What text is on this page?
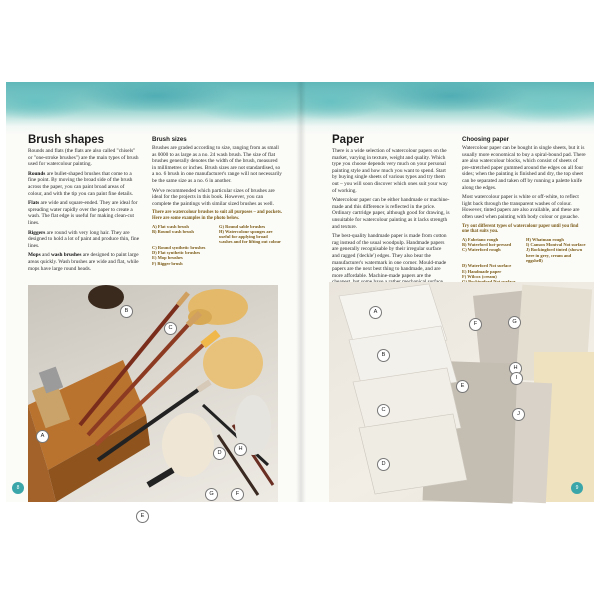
Brush shapes

Rounds and flats (the flats are also called "chisels" or "one-stroke brushes") are the main types of brush used for watercolour painting.

Rounds are bullet-shaped brushes that come to a fine point. By moving the broad side of the brush across the paper, you can paint broad areas of colour, and with the tip you can paint fine details.

Flats are wide and square-ended. They are ideal for spreading water rapidly over the paper to create a wash. The flat edge is useful for making clean-cut lines.

Riggers are round with very long hair. They are designed to hold a lot of paint and produce thin, fine lines.

Mops and wash brushes are designed to paint large areas quickly. Wash brushes are wide and flat, while mops have large round heads.

Brush sizes

Brushes are graded according to size, ranging from as small as 0000 to as large as a no. 24 wash brush. The size of flat brushes generally denotes the width of the brush, measured in millimetres or inches. Brush sizes are not standardised, so a no. 6 brush in one manufacturer's range will not necessarily be the same size as a no. 6 in another.

We've recommended which particular sizes of brushes are ideal for the projects in this book. However, you can complete the paintings with similar sized brushes as well.

There are watercolour brushes to suit all purposes – and pockets. Here are some examples in the photo below.
A) Flat wash brush	G) Round sable brushes
B) Round wash brush	H) Watercolour sponges are useful for applying broad washes and for lifting out colour
C) Round synthetic brushes
D) Flat synthetic brushes
E) Mop brushes
F) Rigger brush
B
C
A
D
E
G
H
F
8
Paper

There is a wide selection of watercolour papers on the market, varying in texture, weight and quality. Which type you choose depends very much on your personal painting style and how much you want to spend. Start by buying single sheets of various types and try them out – you will soon discover which ones suit your way of working.

Watercolour paper can be either handmade or machine-made and this difference is reflected in the price. Ordinary cartridge paper, although good for drawing, is unsuitable for watercolour painting as it lacks strength and texture.

The best-quality handmade paper is made from cotton rag instead of the usual woodpulp. Handmade papers are generally recognisable by their irregular surface and ragged ('deckle') edges. They also bear the manufacturer's watermark in one corner. Mould-made papers are the next best thing to handmade, and are more affordable. Machine-made papers are the

Choosing paper

Watercolour paper can be bought in single sheets, but it is usually more economical to buy a spiral-bound pad. There are also watercolour blocks, which consist of sheets of pre-stretched paper gummed around the edges on all four sides; when the painting is finished and dry, the top sheet can be separated and taken off by running a palette knife along the edges.

Most watercolour paper is white or off-white, to reflect light back through the transparent washes of colour. However, tinted papers are also available, and these are often used when painting with body colour or gouache.

Try out different types of watercolour paper until you find one that suits you.
A) Fabriano rough	H) Whatman rough
B) Waterford hot-pressed	I) Canson Montval Not surface
C) Waterford rough	J) Bockingford tinted (shown here in grey, cream and eggshell)
D) Waterford Not surface
E) Handmade paper
F) Wilcox (cream)
A
B
C
D
E
F	G
H
I
J
9
